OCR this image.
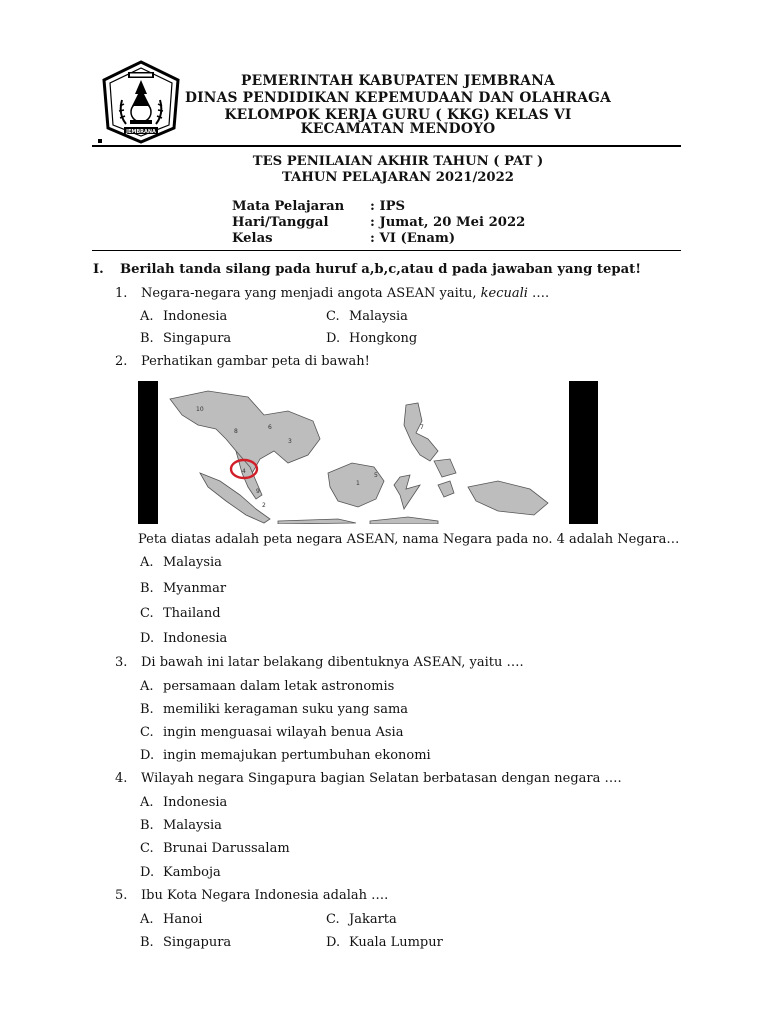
JEMBRANA
PEMERINTAH KABUPATEN JEMBRANA
DINAS PENDIDIKAN KEPEMUDAAN DAN OLAHRAGA
KELOMPOK KERJA GURU ( KKG) KELAS VI
KECAMATAN MENDOYO
TES PENILAIAN AKHIR TAHUN ( PAT )
TAHUN PELAJARAN 2021/2022
Mata Pelajaran	: IPS
Hari/Tanggal	: Jumat, 20 Mei 2022
Kelas	: VI (Enam)
I. Berilah tanda silang pada huruf a,b,c,atau d pada jawaban yang tepat!
1. Negara-negara yang menjadi angota ASEAN yaitu, kecuali ….
A. Indonesia	C. Malaysia
B. Singapura	D. Hongkong
2. Perhatikan gambar peta di bawah!
10
8
6
3
4
1
7
9
5
2
Peta diatas adalah peta negara ASEAN, nama Negara pada no. 4 adalah Negara…
A. Malaysia
B. Myanmar
C. Thailand
D. Indonesia
3. Di bawah ini latar belakang dibentuknya ASEAN, yaitu ….
A. persamaan dalam letak astronomis
B. memiliki keragaman suku yang sama
C. ingin menguasai wilayah benua Asia
D. ingin memajukan pertumbuhan ekonomi
4. Wilayah negara Singapura bagian Selatan berbatasan dengan negara ….
A. Indonesia
B. Malaysia
C. Brunai Darussalam
D. Kamboja
5. Ibu Kota Negara Indonesia adalah ….
A. Hanoi	C. Jakarta
B. Singapura	D. Kuala Lumpur
